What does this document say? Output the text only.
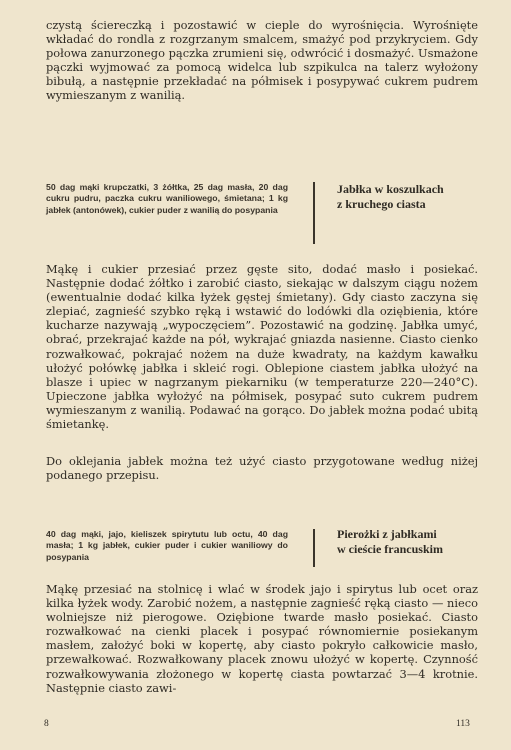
czystą ściereczką i pozostawić w cieple do wyrośnięcia. Wyrośnięte wkładać do rondla z rozgrzanym smalcem, smażyć pod przykryciem. Gdy połowa zanurzonego pączka zrumieni się, odwrócić i dosmażyć. Usmażone pączki wyjmować za pomocą widelca lub szpikulca na talerz wyłożony bibułą, a następnie przekładać na półmisek i posypywać cukrem pudrem wymieszanym z wanilią.

50 dag mąki krupczatki, 3 żółtka, 25 dag masła, 20 dag cukru pudru, paczka cukru waniliowego, śmietana; 1 kg jabłek (antonówek), cukier puder z wanilią do posypania

Jabłka w koszulkach
z kruchego ciasta

Mąkę i cukier przesiać przez gęste sito, dodać masło i posiekać. Następnie dodać żółtko i zarobić ciasto, siekając w dalszym ciągu nożem (ewentualnie dodać kilka łyżek gęstej śmietany). Gdy ciasto zaczyna się zlepiać, zagnieść szybko ręką i wstawić do lodówki dla oziębienia, które kucharze nazywają „wypoczęciem”. Pozostawić na godzinę. Jabłka umyć, obrać, przekrajać każde na pół, wykrajać gniazda nasienne. Ciasto cienko rozwałkować, pokrajać nożem na duże kwadraty, na każdym kawałku ułożyć połówkę jabłka i skleić rogi. Oblepione ciastem jabłka ułożyć na blasze i upiec w nagrzanym piekarniku (w temperaturze 220—240°C). Upieczone jabłka wyłożyć na półmisek, posypać suto cukrem pudrem wymieszanym z wanilią. Podawać na gorąco. Do jabłek można podać ubitą śmietankę.

Do oklejania jabłek można też użyć ciasto przygotowane według niżej podanego przepisu.

40 dag mąki, jajo, kieliszek spirytutu lub octu, 40 dag masła; 1 kg jabłek, cukier puder i cukier waniliowy do posypania

Pierożki z jabłkami
w cieście francuskim

Mąkę przesiać na stolnicę i wlać w środek jajo i spirytus lub ocet oraz kilka łyżek wody. Zarobić nożem, a następnie zagnieść ręką ciasto — nieco wolniejsze niż pierogowe. Oziębione twarde masło posiekać. Ciasto rozwałkować na cienki placek i posypać równomiernie posiekanym masłem, założyć boki w kopertę, aby ciasto pokryło całkowicie masło, przewałkować. Rozwałkowany placek znowu ułożyć w kopertę. Czynność rozwałkowywania złożonego w kopertę ciasta powtarzać 3—4 krotnie. Następnie ciasto zawi-

8	113
